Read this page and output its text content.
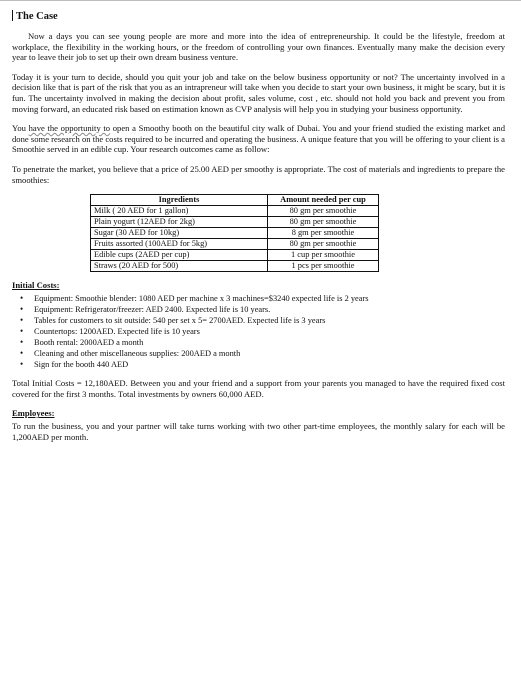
The Case

Now a days you can see young people are more and more into the idea of entrepreneurship. It could be the lifestyle, freedom at workplace, the flexibility in the working hours, or the freedom of controlling your own finances. Eventually many make the decision every year to leave their job to set up their own dream business venture.

Today it is your turn to decide, should you quit your job and take on the below business opportunity or not? The uncertainty involved in a decision like that is part of the risk that you as an intrapreneur will take when you decide to start your own business, it might be scary, but it is fun. The uncertainty involved in making the decision about profit, sales volume, cost , etc. should not hold you back and prevent you from moving forward, an educated risk based on estimation known as CVP analysis will help you in studying your business opportunity.

You have the opportunity to open a Smoothy booth on the beautiful city walk of Dubai. You and your friend studied the existing market and done some research on the costs required to be incurred and operating the business. A unique feature that you will be offering to your client is a Smoothie served in an edible cup. Your research outcomes came as follow:

To penetrate the market, you believe that a price of 25.00 AED per smoothy is appropriate. The cost of materials and ingredients to prepare the smoothies:

Ingredients	Amount needed per cup
Milk ( 20 AED for 1 gallon)	80 gm per smoothie
Plain yogurt (12AED for 2kg)	80 gm per smoothie
Sugar (30 AED for 10kg)	8 gm per smoothie
Fruits assorted (100AED for 5kg)	80 gm per smoothie
Edible cups (2AED per cup)	1 cup per smoothie
Straws (20 AED for 500)	1 pcs per smoothie
Initial Costs:
• Equipment: Smoothie blender: 1080 AED per machine x 3 machines=$3240 expected life is 2 years
• Equipment: Refrigerator/freezer: AED 2400. Expected life is 10 years.
• Tables for customers to sit outside: 540 per set x 5= 2700AED. Expected life is 3 years
• Countertops: 1200AED. Expected life is 10 years
• Booth rental: 2000AED a month
• Cleaning and other miscellaneous supplies: 200AED a month
• Sign for the booth 440 AED

Total Initial Costs = 12,180AED. Between you and your friend and a support from your parents you managed to have the required fixed cost covered for the first 3 months. Total investments by owners 60,000 AED.

Employees:

To run the business, you and your partner will take turns working with two other part-time employees, the monthly salary for each will be 1,200AED per month.
